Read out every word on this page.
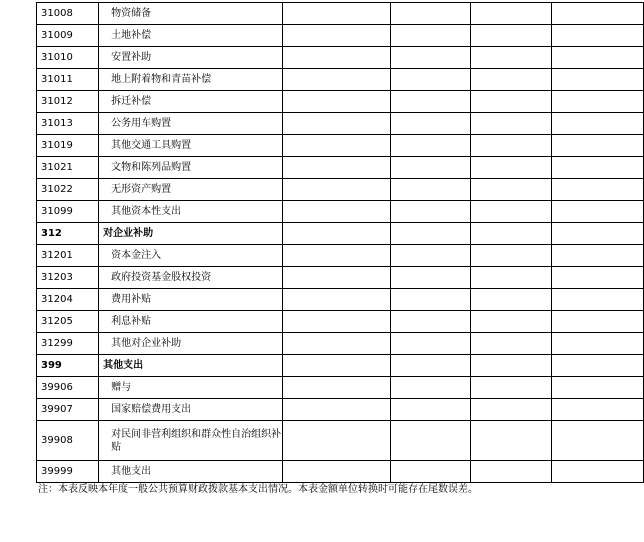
31008	物资储备				
31009	土地补偿				
31010	安置补助				
31011	地上附着物和青苗补偿				
31012	拆迁补偿				
31013	公务用车购置				
31019	其他交通工具购置				
31021	文物和陈列品购置				
31022	无形资产购置				
31099	其他资本性支出				
312	对企业补助				
31201	资本金注入				
31203	政府投资基金股权投资				
31204	费用补贴				
31205	利息补贴				
31299	其他对企业补助				
399	其他支出				
39906	赠与				
39907	国家赔偿费用支出				
39908	对民间非营利组织和群众性自治组织补贴				
39999	其他支出				
注：本表反映本年度一般公共预算财政拨款基本支出情况。本表金额单位转换时可能存在尾数误差。
